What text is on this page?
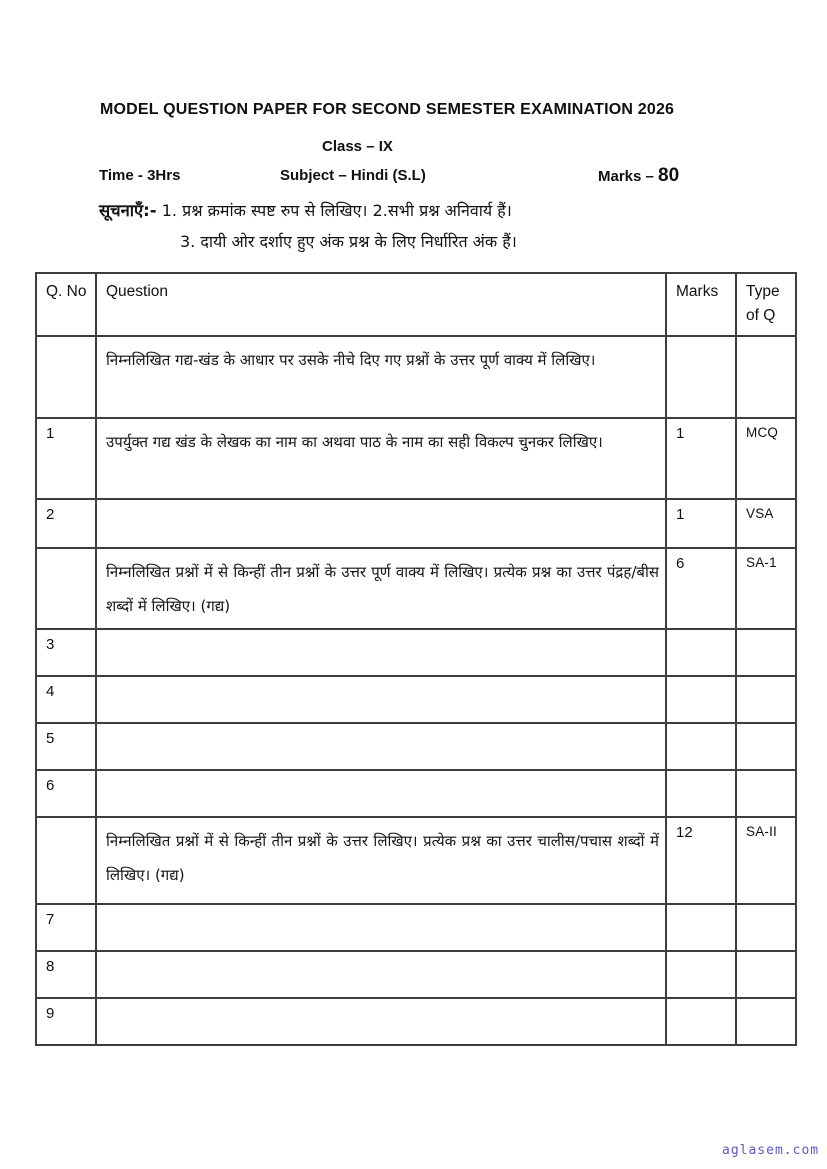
MODEL QUESTION PAPER FOR SECOND SEMESTER EXAMINATION 2026
Class – IX
Time - 3Hrs	Subject – Hindi (S.L)	Marks – 80
सूचनाएँ:- 1. प्रश्न क्रमांक स्पष्ट रुप से लिखिए। 2.सभी प्रश्न अनिवार्य हैं।
3. दायी ओर दर्शाए हुए अंक प्रश्न के लिए निर्धारित अंक हैं।
Q. No	Question	Marks	Type of Q

	निम्नलिखित गद्य-खंड के आधार पर उसके नीचे दिए गए प्रश्नों के उत्तर पूर्ण वाक्य में लिखिए।		

1	उपर्युक्त गद्य खंड के लेखक का नाम का अथवा पाठ के नाम का सही विकल्प चुनकर लिखिए।	1	MCQ
2		1	VSA

	निम्नलिखित प्रश्नों में से किन्हीं तीन प्रश्नों के उत्तर पूर्ण वाक्य में लिखिए। प्रत्येक प्रश्न का उत्तर पंद्रह/बीस शब्दों में लिखिए। (गद्य)	6	SA-1
3	

4	

5	

6	

	निम्नलिखित प्रश्नों में से किन्हीं तीन प्रश्नों के उत्तर लिखिए। प्रत्येक प्रश्न का उत्तर चालीस/पचास शब्दों में लिखिए। (गद्य)	12	SA-II
7	

8	

9	

aglasem.com
